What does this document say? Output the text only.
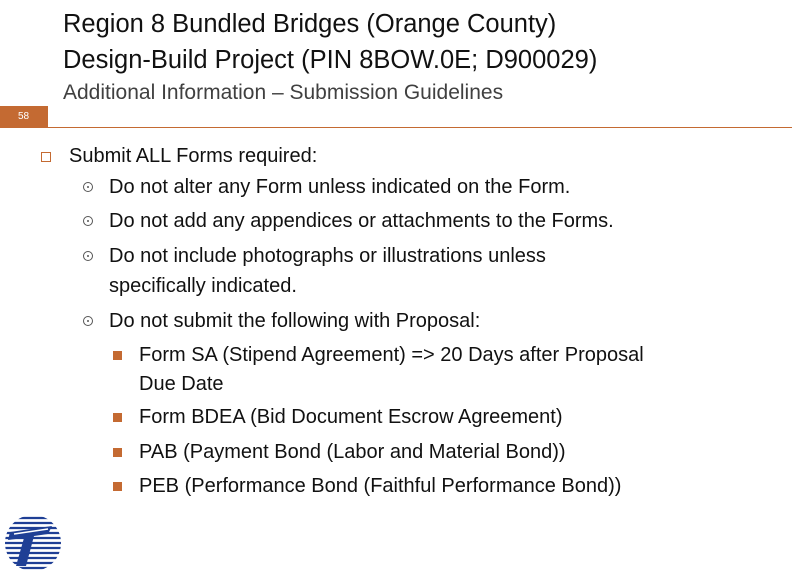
Region 8 Bundled Bridges (Orange County)
Design-Build Project (PIN 8BOW.0E; D900029)
Additional Information – Submission Guidelines
58
Submit ALL Forms required:
Do not alter any Form unless indicated on the Form.
Do not add any appendices or attachments to the Forms.
Do not include photographs or illustrations unless
specifically indicated.
Do not submit the following with Proposal:
Form SA (Stipend Agreement) => 20 Days after Proposal
Due Date
Form BDEA (Bid Document Escrow Agreement)
PAB (Payment Bond (Labor and Material Bond))
PEB (Performance Bond (Faithful Performance Bond))
